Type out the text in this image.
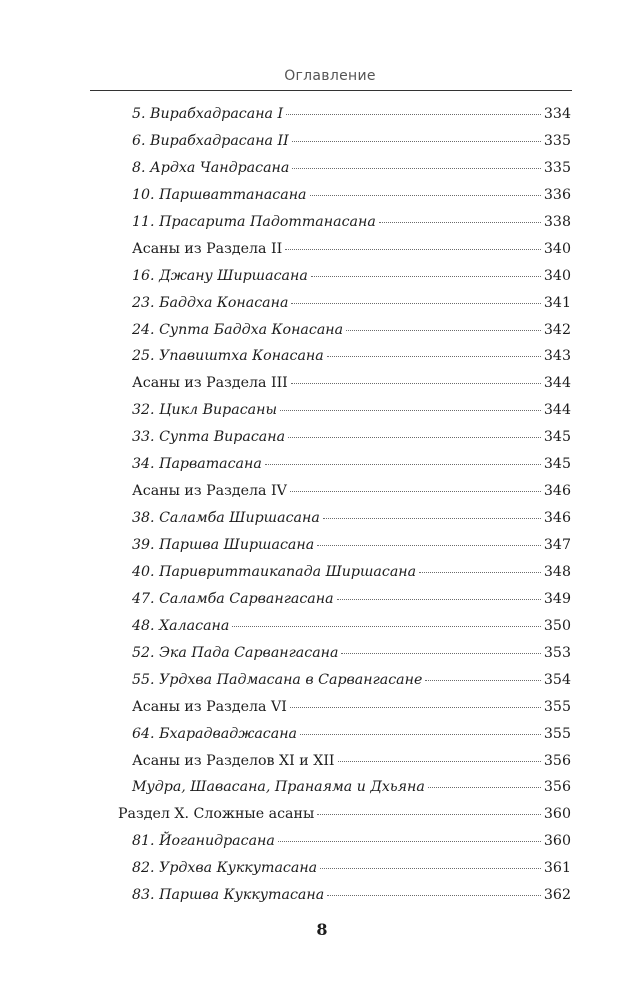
Оглавление
5. Вирабхадрасана I	334
6. Вирабхадрасана II	335
8. Ардха Чандрасана	335
10. Паршваттанасана	336
11. Прасарита Падоттанасана	338
Асаны из Раздела II	340
16. Джану Ширшасана	340
23. Баддха Конасана	341
24. Супта Баддха Конасана	342
25. Упавиштха Конасана	343
Асаны из Раздела III	344
32. Цикл Вирасаны	344
33. Супта Вирасана	345
34. Парватасана	345
Асаны из Раздела IV	346
38. Саламба Ширшасана	346
39. Паршва Ширшасана	347
40. Паривриттаикапада Ширшасана	348
47. Саламба Сарвангасана	349
48. Халасана	350
52. Эка Пада Сарвангасана	353
55. Урдхва Падмасана в Сарвангасане	354
Асаны из Раздела VI	355
64. Бхарадваджасана	355
Асаны из Разделов XI и XII	356
Мудра, Шавасана, Пранаяма и Дхьяна	356
Раздел X. Сложные асаны	360
81. Йоганидрасана	360
82. Урдхва Куккутасана	361
83. Паршва Куккутасана	362
8
